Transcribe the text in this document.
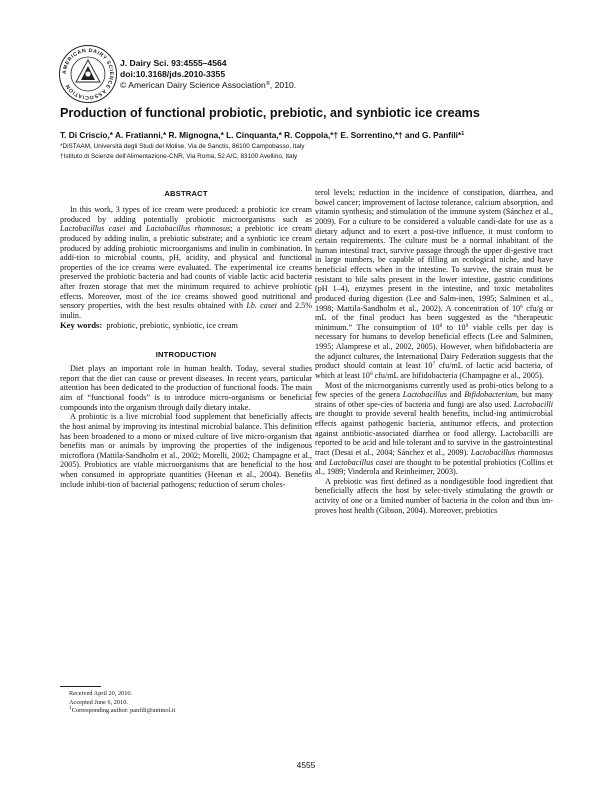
AMERICAN DAIRY SCIENCE ASSOCIATION
J. Dairy Sci. 93:4555–4564
doi:10.3168/jds.2010-3355
© American Dairy Science Association®, 2010.
Production of functional probiotic, prebiotic, and synbiotic ice creams
T. Di Criscio,* A. Fratianni,* R. Mignogna,* L. Cinquanta,* R. Coppola,*† E. Sorrentino,*† and G. Panfili*$^1$
*DiSTAAM, Università degli Studi del Molise, Via de Sanctis, 86100 Campobasso, Italy
†Istituto di Scienze dell'Alimentazione-CNR, Via Roma, 52 A/C, 83100 Avellino, Italy
ABSTRACT

In this work, 3 types of ice cream were produced: a probiotic ice cream produced by adding potentially probiotic microorganisms such as Lactobacillus casei and Lactobacillus rhamnosus; a prebiotic ice cream produced by adding inulin, a prebiotic substrate; and a synbiotic ice cream produced by adding probiotic microorganisms and inulin in combination. In addi-tion to microbial counts, pH, acidity, and physical and functional properties of the ice creams were evaluated. The experimental ice creams preserved the probiotic bacteria and had counts of viable lactic acid bacteria after frozen storage that met the minimum required to achieve probiotic effects. Moreover, most of the ice creams showed good nutritional and sensory properties, with the best results obtained with Lb. casei and 2.5% inulin.

Key words: probiotic, prebiotic, synbiotic, ice cream

INTRODUCTION

Diet plays an important role in human health. Today, several studies report that the diet can cause or prevent diseases. In recent years, particular attention has been dedicated to the production of functional foods. The main aim of “functional foods” is to introduce micro-organisms or beneficial compounds into the organism through daily dietary intake.

A probiotic is a live microbial food supplement that beneficially affects the host animal by improving its intestinal microbial balance. This definition has been broadened to a mono or mixed culture of live micro-organism that benefits man or animals by improving the properties of the indigenous microflora (Mattila-Sandholm et al., 2002; Morelli, 2002; Champagne et al., 2005). Probiotics are viable microorganisms that are beneficial to the host when consumed in appropriate quantities (Heenan et al., 2004). Benefits include inhibi-tion of bacterial pathogens; reduction of serum choles-

terol levels; reduction in the incidence of constipation, diarrhea, and bowel cancer; improvement of lactose tolerance, calcium absorption, and vitamin synthesis; and stimulation of the immune system (Sánchez et al., 2009). For a culture to be considered a valuable candi-date for use as a dietary adjunct and to exert a posi-tive influence, it must conform to certain requirements. The culture must be a normal inhabitant of the human intestinal tract, survive passage through the upper di-gestive tract in large numbers, be capable of filling an ecological niche, and have beneficial effects when in the intestine. To survive, the strain must be resistant to bile salts present in the lower intestine, gastric conditions (pH 1–4), enzymes present in the intestine, and toxic metabolites produced during digestion (Lee and Salm-inen, 1995; Salminen et al., 1998; Mattila-Sandholm et al., 2002). A concentration of $10^6$ cfu/g or mL of the final product has been suggested as the “therapeutic minimum.” The consumption of $10^8$ to $10^9$ viable cells per day is necessary for humans to develop beneficial effects (Lee and Salminen, 1995; Alamprese et al., 2002, 2005). However, when bifidobacteria are the adjunct cultures, the International Dairy Federation suggests that the product should contain at least $10^7$ cfu/mL of lactic acid bacteria, of which at least $10^6$ cfu/mL are bifidobacteria (Champagne et al., 2005).

Most of the microorganisms currently used as probi-otics belong to a few species of the genera Lactobacillus and Bifidobacterium, but many strains of other spe-cies of bacteria and fungi are also used. Lactobacilli are thought to provide several health benefits, includ-ing antimicrobial effects against pathogenic bacteria, antitumor effects, and protection against antibiotic-associated diarrhea or food allergy. Lactobacilli are reported to be acid and bile tolerant and to survive in the gastrointestinal tract (Desai et al., 2004; Sánchez et al., 2009). Lactobacillus rhamnosus and Lactobacillus casei are thought to be potential probiotics (Collins et al., 1989; Vinderola and Reinheimer, 2003).

A prebiotic was first defined as a nondigestible food ingredient that beneficially affects the host by selec-tively stimulating the growth or activity of one or a limited number of bacteria in the colon and thus im-proves host health (Gibson, 2004). Moreover, prebiotics

Received April 20, 2010.
Accepted June 6, 2010.
$^1$Corresponding author: panfili@unimol.it
4555
